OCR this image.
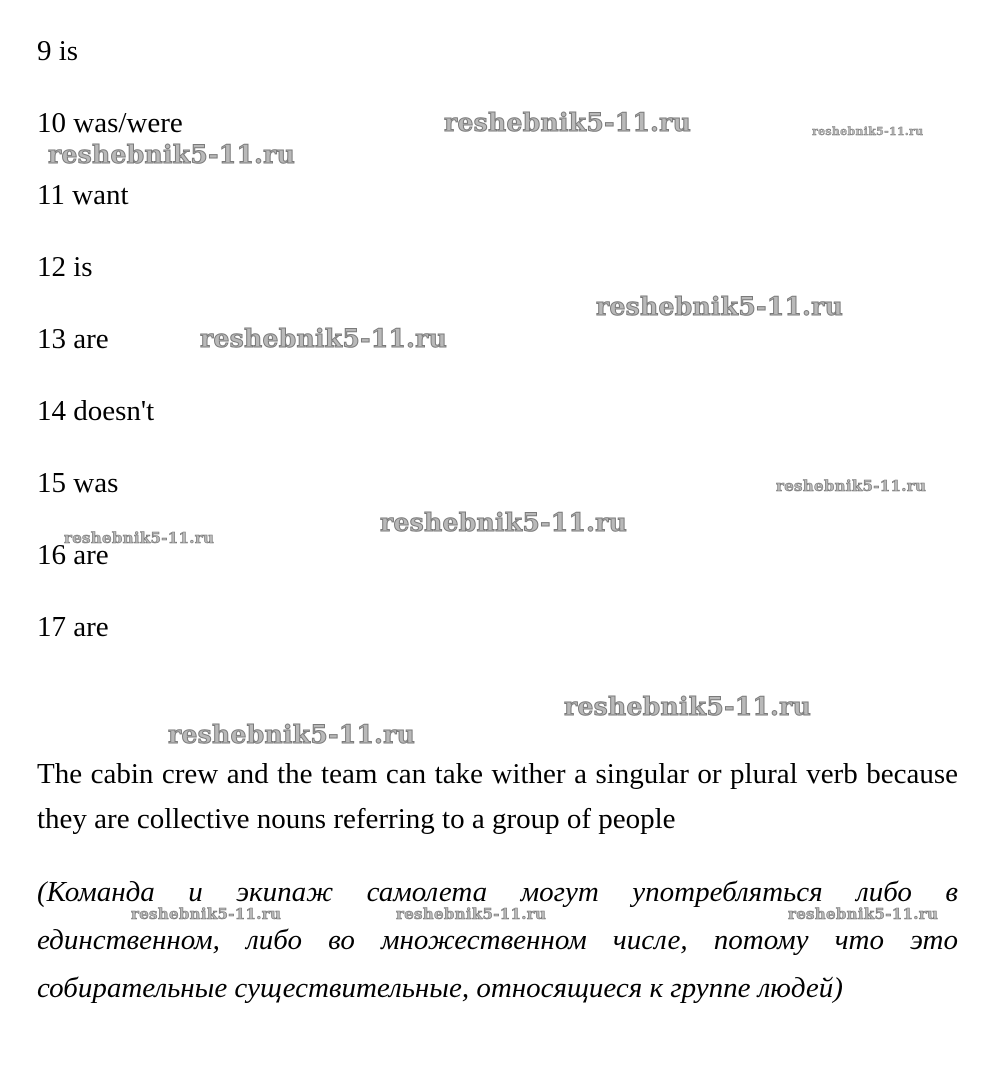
9 is
10 was/were
11 want
12 is
13 are
14 doesn't
15 was
16 are
17 are
The cabin crew and the team can take wither a singular or plural verb because they are collective nouns referring to a group of people
(Команда и экипаж самолета могут употребляться либо в единственном, либо во множественном числе, потому что это собирательные существительные, относящиеся к группе людей)
reshebnik5-11.ru	reshebnik5-11.ru
reshebnik5-11.ru
reshebnik5-11.ru
reshebnik5-11.ru
reshebnik5-11.ru
reshebnik5-11.ru
reshebnik5-11.ru
reshebnik5-11.ru
reshebnik5-11.ru
reshebnik5-11.ru	reshebnik5-11.ru	reshebnik5-11.ru
